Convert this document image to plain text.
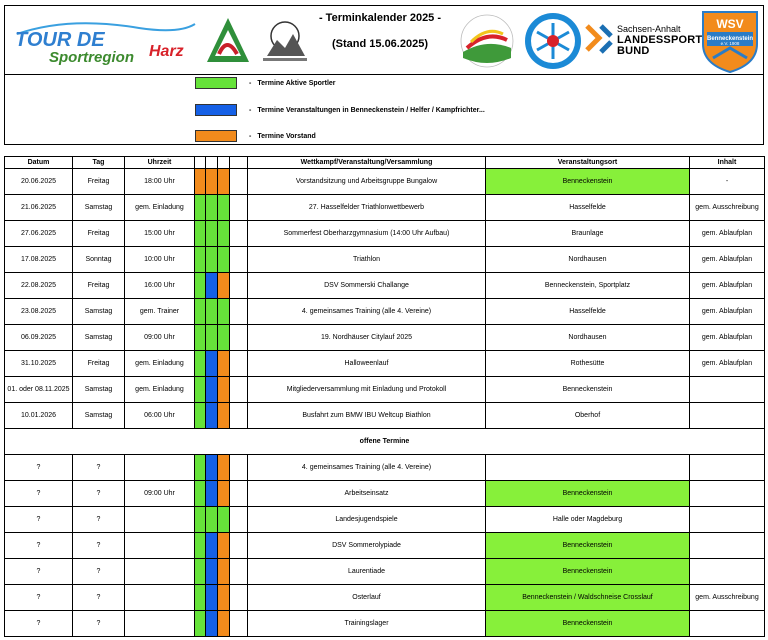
TOUR DE
Sportregion Harz
- Terminkalender 2025 -
(Stand 15.06.2025)
Sachsen-Anhalt
LANDESSPORT
BUND
WSV
Benneckenstein
e.V. 1908
- Termine Aktive Sportler
- Termine Veranstaltungen in Benneckenstein / Helfer / Kampfrichter...
- Termine Vorstand
Datum	Tag	Uhrzeit					Wettkampf/Veranstaltung/Versammlung	Veranstaltungsort	Inhalt
20.06.2025	Freitag	18:00 Uhr					Vorstandsitzung und Arbeitsgruppe Bungalow	Benneckenstein	-
21.06.2025	Samstag	gem. Einladung					27. Hasselfelder Triathlonwettbewerb	Hasselfelde	gem. Ausschreibung
27.06.2025	Freitag	15:00 Uhr					Sommerfest Oberharzgymnasium (14:00 Uhr Aufbau)	Braunlage	gem. Ablaufplan
17.08.2025	Sonntag	10:00 Uhr					Triathlon	Nordhausen	gem. Ablaufplan
22.08.2025	Freitag	16:00 Uhr					DSV Sommerski Challange	Benneckenstein, Sportplatz	gem. Ablaufplan
23.08.2025	Samstag	gem. Trainer					4. gemeinsames Training (alle 4. Vereine)	Hasselfelde	gem. Ablaufplan
06.09.2025	Samstag	09:00 Uhr					19. Nordhäuser Citylauf 2025	Nordhausen	gem. Ablaufplan
31.10.2025	Freitag	gem. Einladung					Halloweenlauf	Rothesütte	gem. Ablaufplan
01. oder 08.11.2025	Samstag	gem. Einladung					Mitgliederversammlung mit Einladung und Protokoll	Benneckenstein	
10.01.2026	Samstag	06:00 Uhr					Busfahrt zum BMW IBU Weltcup Biathlon	Oberhof	
offene Termine									
?	?						4. gemeinsames Training (alle 4. Vereine)		
?	?	09:00 Uhr					Arbeitseinsatz	Benneckenstein	
?	?						Landesjugendspiele	Halle oder Magdeburg	
?	?						DSV Sommerolypiade	Benneckenstein	
?	?						Laurentiade	Benneckenstein	
?	?						Osterlauf	Benneckenstein / Waldschneise Crosslauf	gem. Ausschreibung
?	?						Trainingslager	Benneckenstein	
